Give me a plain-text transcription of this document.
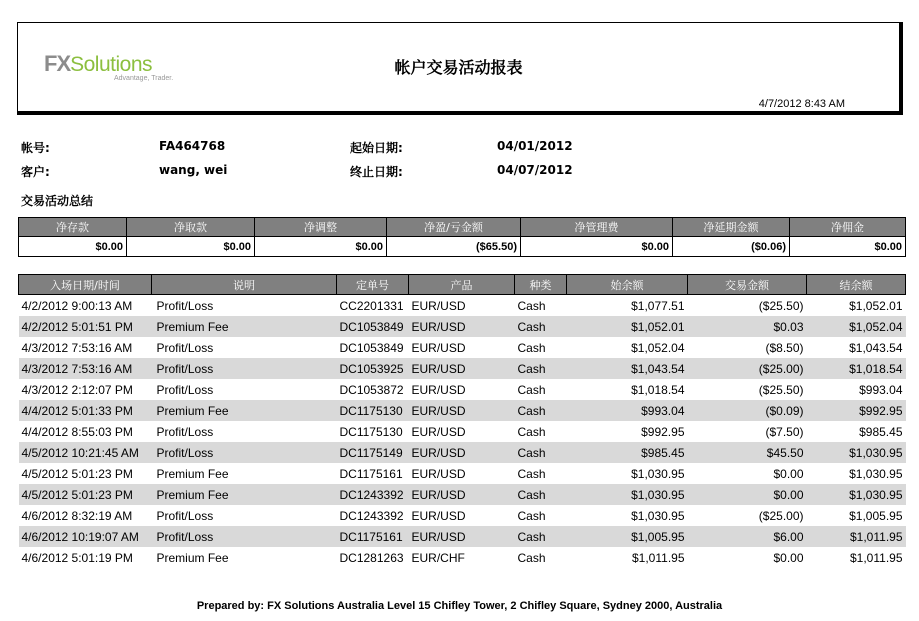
FXSolutions
Advantage, Trader.
帐户交易活动报表
4/7/2012 8:43 AM
帐号:	FA464768
客户:	wang, wei
起始日期:	04/01/2012
终止日期:	04/07/2012
交易活动总结
净存款	净取款	净调整	净盈/亏金额	净管理费	净延期金额	净佣金
$0.00	$0.00	$0.00	($65.50)	$0.00	($0.06)	$0.00
入场日期/时间	说明	定单号	产品	种类	始余额	交易金额	结余额
4/2/2012 9:00:13 AM	Profit/Loss	CC2201331	EUR/USD	Cash	$1,077.51	($25.50)	$1,052.01
4/2/2012 5:01:51 PM	Premium Fee	DC1053849	EUR/USD	Cash	$1,052.01	$0.03	$1,052.04
4/3/2012 7:53:16 AM	Profit/Loss	DC1053849	EUR/USD	Cash	$1,052.04	($8.50)	$1,043.54
4/3/2012 7:53:16 AM	Profit/Loss	DC1053925	EUR/USD	Cash	$1,043.54	($25.00)	$1,018.54
4/3/2012 2:12:07 PM	Profit/Loss	DC1053872	EUR/USD	Cash	$1,018.54	($25.50)	$993.04
4/4/2012 5:01:33 PM	Premium Fee	DC1175130	EUR/USD	Cash	$993.04	($0.09)	$992.95
4/4/2012 8:55:03 PM	Profit/Loss	DC1175130	EUR/USD	Cash	$992.95	($7.50)	$985.45
4/5/2012 10:21:45 AM	Profit/Loss	DC1175149	EUR/USD	Cash	$985.45	$45.50	$1,030.95
4/5/2012 5:01:23 PM	Premium Fee	DC1175161	EUR/USD	Cash	$1,030.95	$0.00	$1,030.95
4/5/2012 5:01:23 PM	Premium Fee	DC1243392	EUR/USD	Cash	$1,030.95	$0.00	$1,030.95
4/6/2012 8:32:19 AM	Profit/Loss	DC1243392	EUR/USD	Cash	$1,030.95	($25.00)	$1,005.95
4/6/2012 10:19:07 AM	Profit/Loss	DC1175161	EUR/USD	Cash	$1,005.95	$6.00	$1,011.95
4/6/2012 5:01:19 PM	Premium Fee	DC1281263	EUR/CHF	Cash	$1,011.95	$0.00	$1,011.95
Prepared by: FX Solutions Australia Level 15 Chifley Tower, 2 Chifley Square, Sydney 2000, Australia
